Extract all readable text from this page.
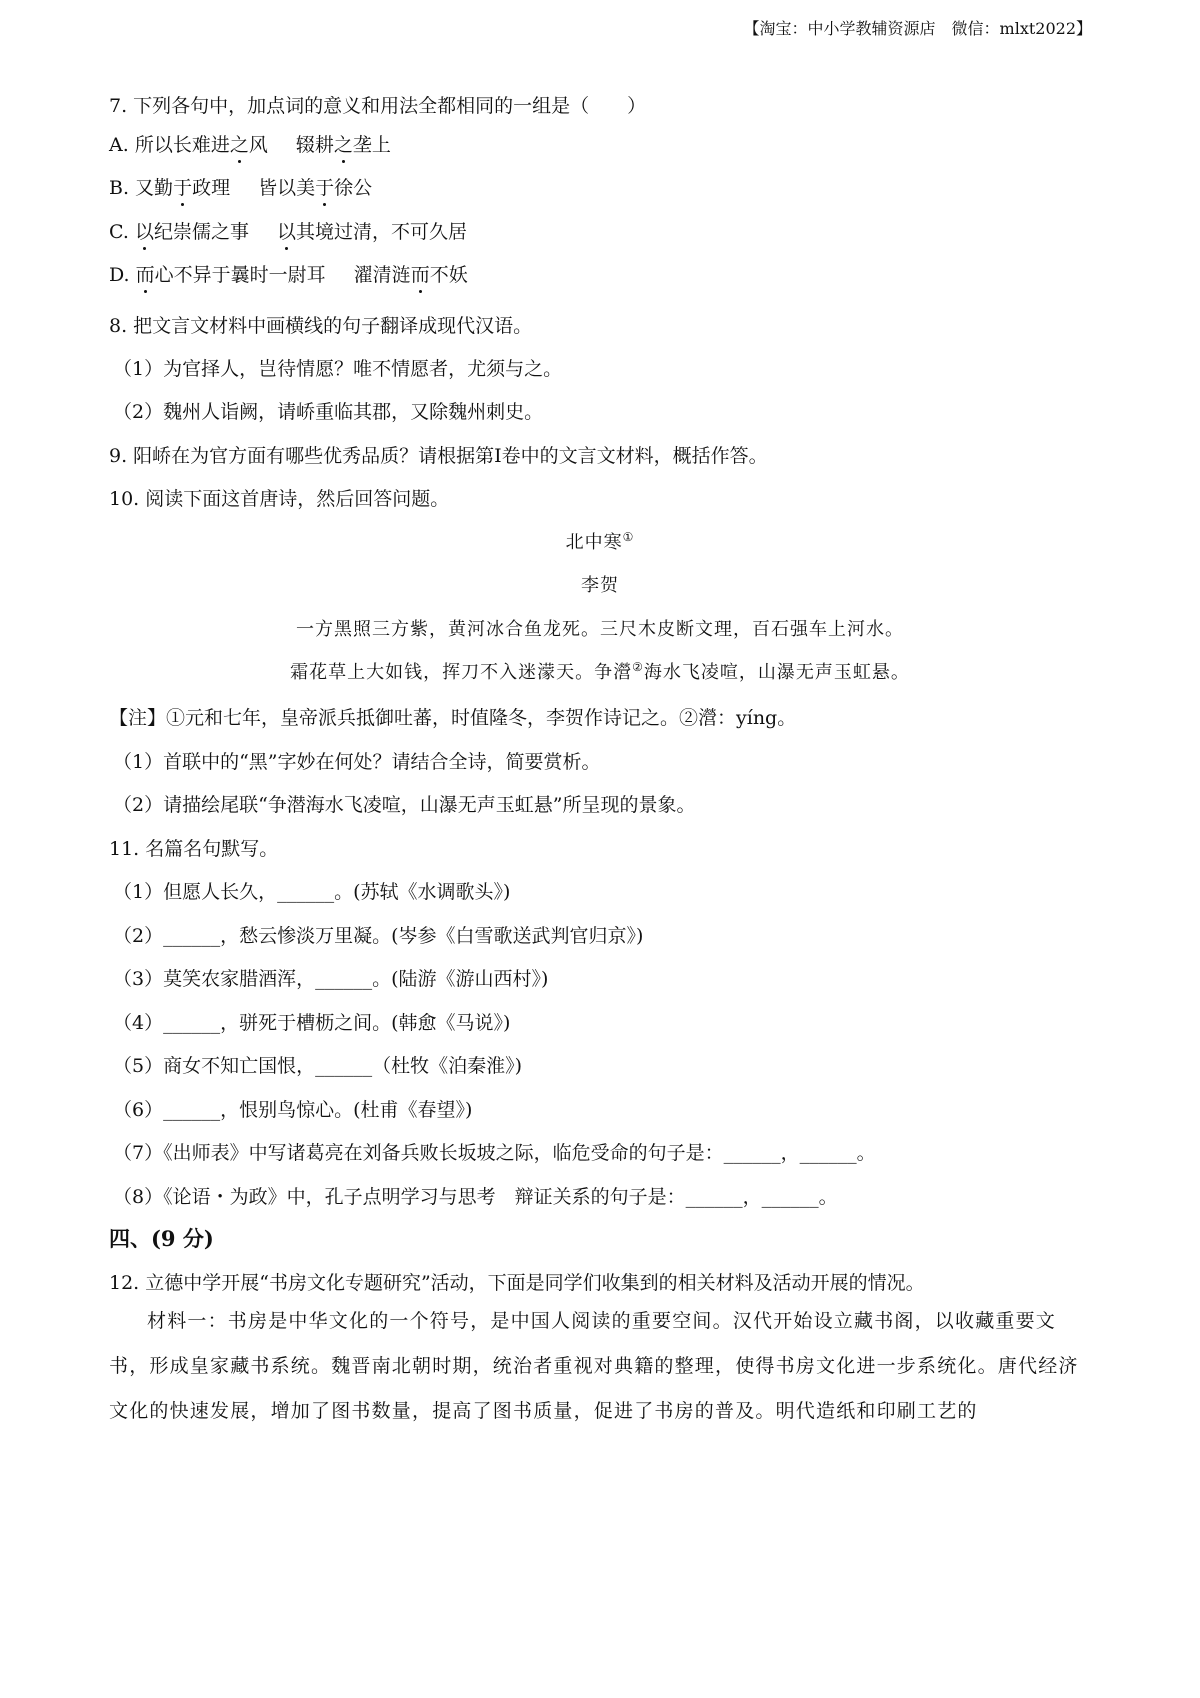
【淘宝：中小学教辅资源店　微信：mlxt2022】
7. 下列各句中，加点词的意义和用法全都相同的一组是（　　）
A. 所以长难进之风 辍耕之垄上
B. 又勤于政理 皆以美于徐公
C. 以纪崇儒之事 以其境过清，不可久居
D. 而心不异于曩时一尉耳 濯清涟而不妖
8. 把文言文材料中画横线的句子翻译成现代汉语。
（1）为官择人，岂待情愿？唯不情愿者，尤须与之。
（2）魏州人诣阙，请峤重临其郡，又除魏州刺史。
9. 阳峤在为官方面有哪些优秀品质？请根据第Ⅰ卷中的文言文材料，概括作答。
10. 阅读下面这首唐诗，然后回答问题。
北中寒①
李贺
一方黑照三方紫，黄河冰合鱼龙死。三尺木皮断文理，百石强车上河水。
霜花草上大如钱，挥刀不入迷濛天。争瀯②海水飞凌喧，山瀑无声玉虹悬。
【注】①元和七年，皇帝派兵抵御吐蕃，时值隆冬，李贺作诗记之。②瀯：yíng。
（1）首联中的“黑”字妙在何处？请结合全诗，简要赏析。
（2）请描绘尾联“争潜海水飞凌喧，山瀑无声玉虹悬”所呈现的景象。
11. 名篇名句默写。
（1）但愿人长久，______。(苏轼《水调歌头》)
（2）______，愁云惨淡万里凝。(岑参《白雪歌送武判官归京》)
（3）莫笑农家腊酒浑，______。(陆游《游山西村》)
（4）______，骈死于槽枥之间。(韩愈《马说》)
（5）商女不知亡国恨，______（杜牧《泊秦淮》)
（6）______，恨别鸟惊心。(杜甫《春望》)
（7）《出师表》中写诸葛亮在刘备兵败长坂坡之际，临危受命的句子是：______，______。
（8）《论语・为政》中，孔子点明学习与思考　辩证关系的句子是：______，______。
四、(9 分)
12. 立德中学开展“书房文化专题研究”活动，下面是同学们收集到的相关材料及活动开展的情况。

材料一：书房是中华文化的一个符号，是中国人阅读的重要空间。汉代开始设立藏书阁，以收藏重要文书，形成皇家藏书系统。魏晋南北朝时期，统治者重视对典籍的整理，使得书房文化进一步系统化。唐代经济文化的快速发展，增加了图书数量，提高了图书质量，促进了书房的普及。明代造纸和印刷工艺的
